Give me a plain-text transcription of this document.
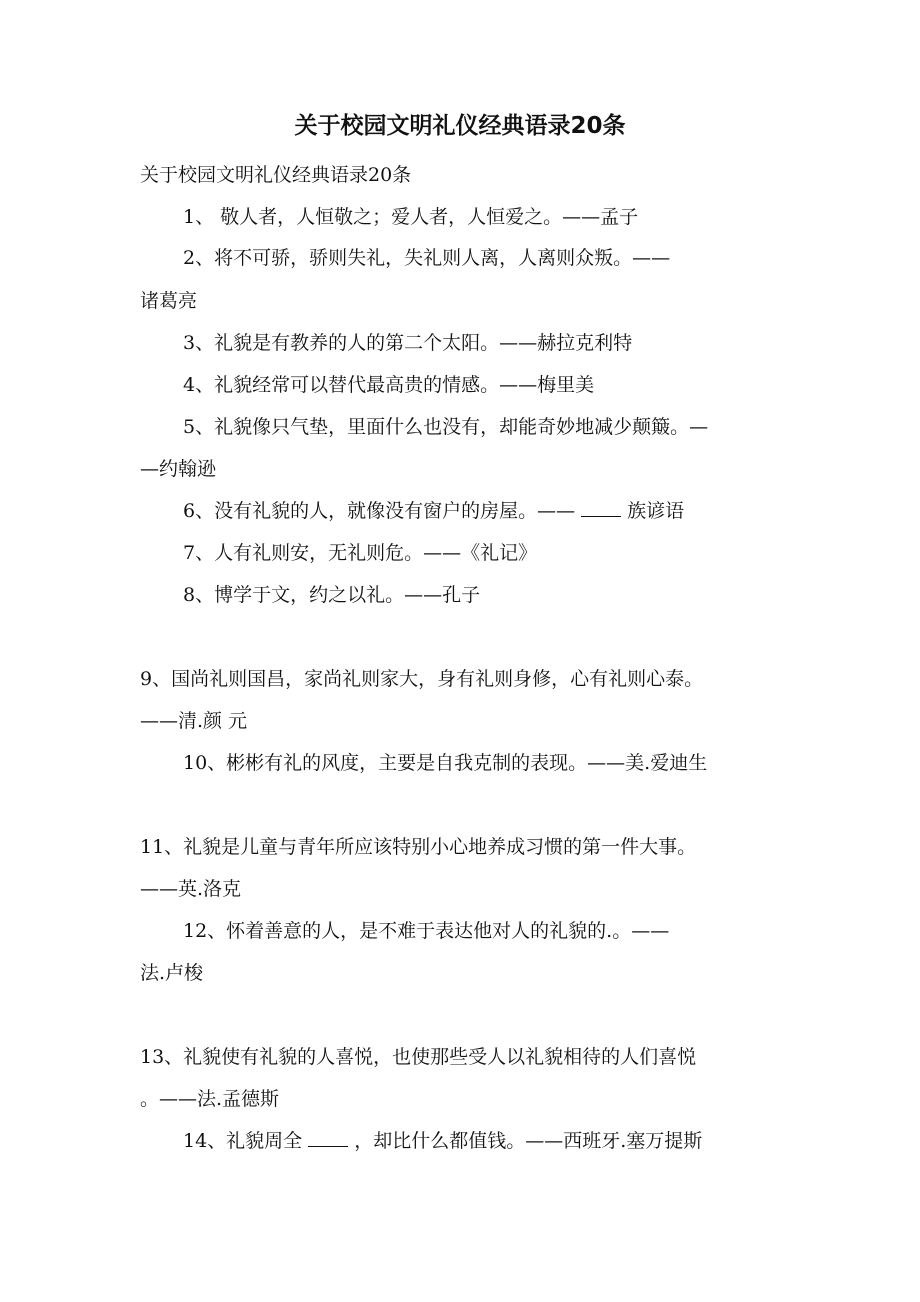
关于校园文明礼仪经典语录20条
关于校园文明礼仪经典语录20条
1、 敬人者，人恒敬之；爱人者，人恒爱之。——孟子
2、将不可骄，骄则失礼，失礼则人离，人离则众叛。——
诸葛亮
3、礼貌是有教养的人的第二个太阳。——赫拉克利特
4、礼貌经常可以替代最高贵的情感。——梅里美
5、礼貌像只气垫，里面什么也没有，却能奇妙地减少颠簸。—
—约翰逊
6、没有礼貌的人，就像没有窗户的房屋。——	族谚语
7、人有礼则安，无礼则危。——《礼记》
8、博学于文，约之以礼。——孔子
9、国尚礼则国昌，家尚礼则家大，身有礼则身修，心有礼则心泰。
——清.颜 元
10、彬彬有礼的风度，主要是自我克制的表现。——美.爱迪生
11、礼貌是儿童与青年所应该特别小心地养成习惯的第一件大事。
——英.洛克
12、怀着善意的人，是不难于表达他对人的礼貌的.。——
法.卢梭
13、礼貌使有礼貌的人喜悦，也使那些受人以礼貌相待的人们喜悦
。——法.孟德斯
14、礼貌周全	，却比什么都值钱。——西班牙.塞万提斯
